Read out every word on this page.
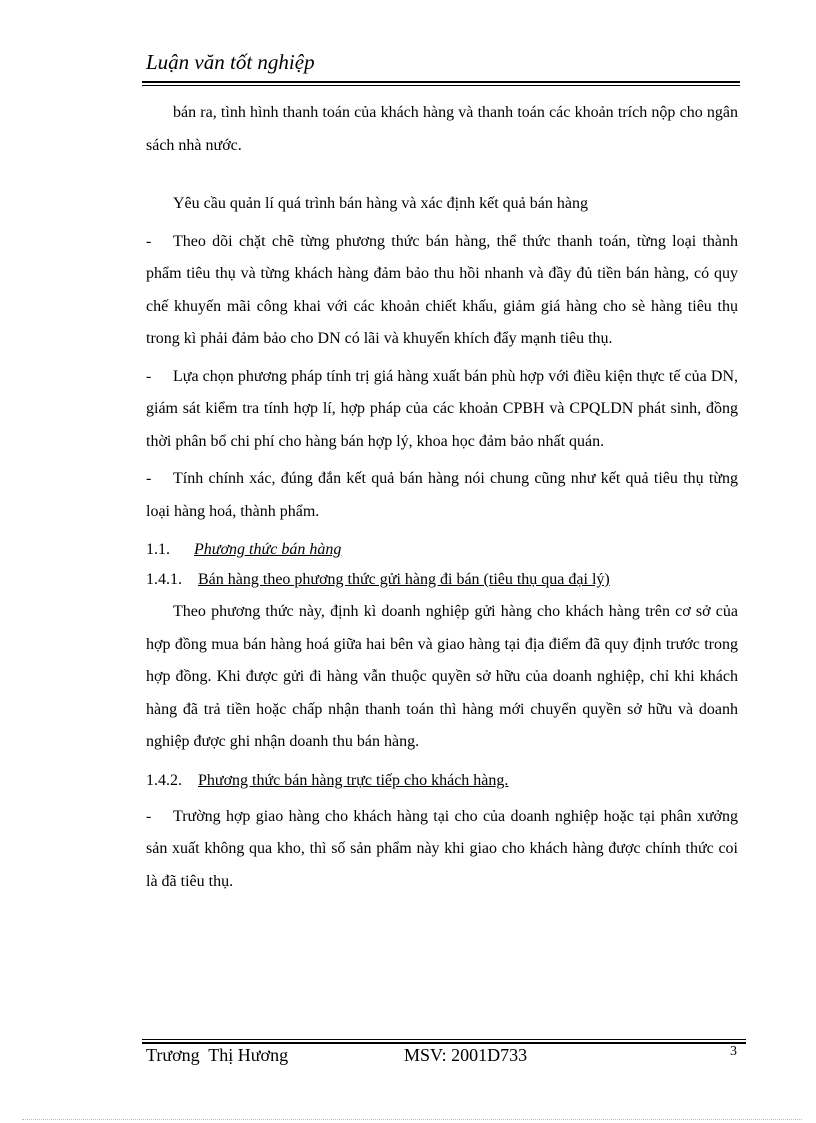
Luận văn tốt nghiệp

bán ra, tình hình thanh toán của khách hàng và thanh toán các khoản trích nộp cho ngân sách nhà nước.

Yêu cầu quản lí quá trình bán hàng và xác định kết quả bán hàng

-	Theo dõi chặt chẽ từng phương thức bán hàng, thể thức thanh toán, từng loại thành phẩm tiêu thụ và từng khách hàng đảm bảo thu hồi nhanh và đầy đủ tiền bán hàng, có quy chế khuyến mãi công khai với các khoản chiết khấu, giảm giá hàng cho sè hàng tiêu thụ trong kì phải đảm bảo cho DN có lãi và khuyến khích đẩy mạnh tiêu thụ.

-	Lựa chọn phương pháp tính trị giá hàng xuất bán phù hợp với điều kiện thực tế của DN, giám sát kiểm tra tính hợp lí, hợp pháp của các khoản CPBH và CPQLDN phát sinh, đồng thời phân bổ chi phí cho hàng bán hợp lý, khoa học đảm bảo nhất quán.

-	Tính chính xác, đúng đắn kết quả bán hàng nói chung cũng như kết quả tiêu thụ từng loại hàng hoá, thành phẩm.

1.1. Phương thức bán hàng
1.4.1. Bán hàng theo phương thức gửi hàng đi bán (tiêu thụ qua đại lý)

Theo phương thức này, định kì doanh nghiệp gửi hàng cho khách hàng trên cơ sở của hợp đồng mua bán hàng hoá giữa hai bên và giao hàng tại địa điểm đã quy định trước trong hợp đồng. Khi được gửi đi hàng vẫn thuộc quyền sở hữu của doanh nghiệp, chỉ khi khách hàng đã trả tiền hoặc chấp nhận thanh toán thì hàng mới chuyển quyền sở hữu và doanh nghiệp được ghi nhận doanh thu bán hàng.

1.4.2. Phương thức bán hàng trực tiếp cho khách hàng.
-	Trường hợp giao hàng cho khách hàng tại cho của doanh nghiệp hoặc tại phân xưởng sản xuất không qua kho, thì số sản phẩm này khi giao cho khách hàng được chính thức coi là đã tiêu thụ.

Trương  Thị Hương	MSV: 2001D733	3
